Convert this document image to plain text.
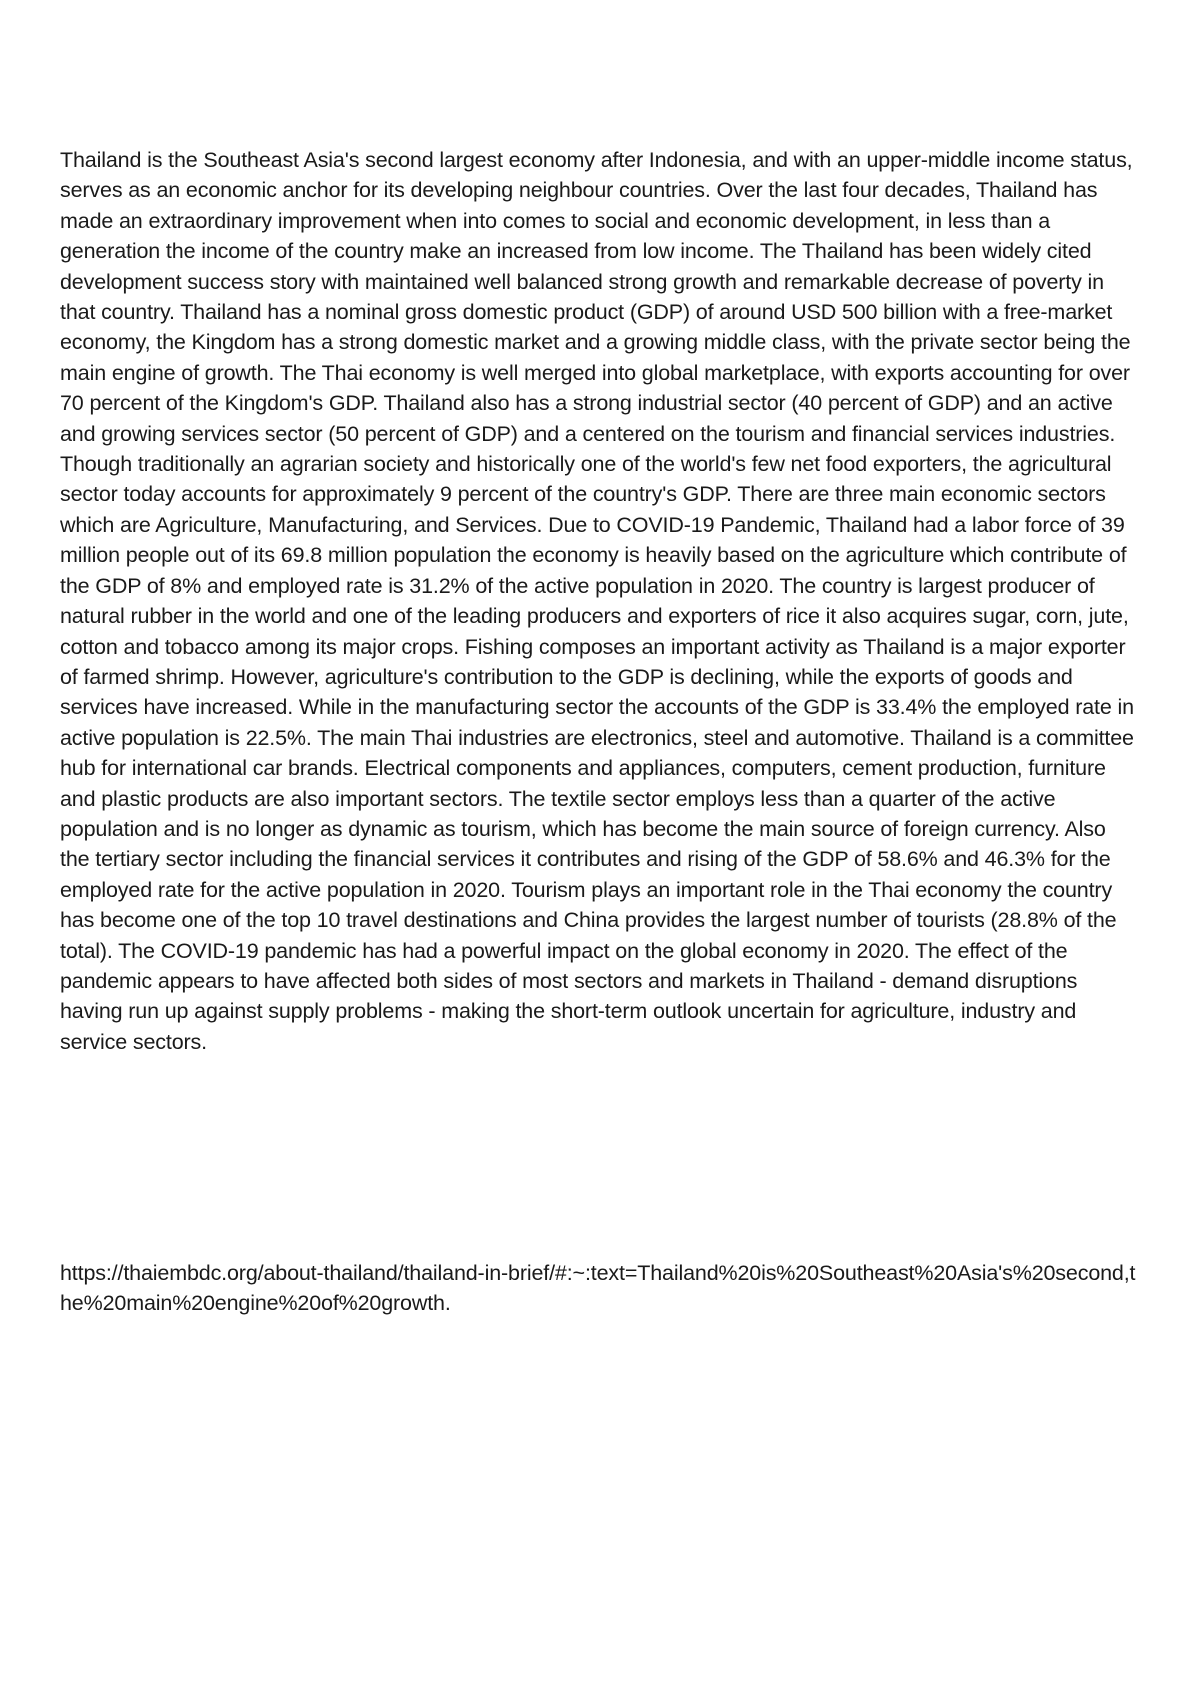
Thailand is the Southeast Asia's second largest economy after Indonesia, and with an upper-middle income status, serves as an economic anchor for its developing neighbour countries. Over the last four decades, Thailand has made an extraordinary improvement when into comes to social and economic development, in less than a generation the income of the country make an increased from low income. The Thailand has been widely cited development success story with maintained well balanced strong growth and remarkable decrease of poverty in that country. Thailand has a nominal gross domestic product (GDP) of around USD 500 billion with a free-market economy, the Kingdom has a strong domestic market and a growing middle class, with the private sector being the main engine of growth. The Thai economy is well merged into global marketplace, with exports accounting for over 70 percent of the Kingdom's GDP. Thailand also has a strong industrial sector (40 percent of GDP) and an active and growing services sector (50 percent of GDP) and a centered on the tourism and financial services industries. Though traditionally an agrarian society and historically one of the world's few net food exporters, the agricultural sector today accounts for approximately 9 percent of the country's GDP. There are three main economic sectors which are Agriculture, Manufacturing, and Services. Due to COVID-19 Pandemic, Thailand had a labor force of 39 million people out of its 69.8 million population the economy is heavily based on the agriculture which contribute of the GDP of 8% and employed rate is 31.2% of the active population in 2020. The country is largest producer of natural rubber in the world and one of the leading producers and exporters of rice it also acquires sugar, corn, jute, cotton and tobacco among its major crops. Fishing composes an important activity as Thailand is a major exporter of farmed shrimp. However, agriculture's contribution to the GDP is declining, while the exports of goods and services have increased. While in the manufacturing sector the accounts of the GDP is 33.4% the employed rate in active population is 22.5%. The main Thai industries are electronics, steel and automotive. Thailand is a committee hub for international car brands. Electrical components and appliances, computers, cement production, furniture and plastic products are also important sectors. The textile sector employs less than a quarter of the active population and is no longer as dynamic as tourism, which has become the main source of foreign currency. Also the tertiary sector including the financial services it contributes and rising of the GDP of 58.6% and 46.3% for the employed rate for the active population in 2020. Tourism plays an important role in the Thai economy the country has become one of the top 10 travel destinations and China provides the largest number of tourists (28.8% of the total). The COVID-19 pandemic has had a powerful impact on the global economy in 2020. The effect of the pandemic appears to have affected both sides of most sectors and markets in Thailand - demand disruptions having run up against supply problems - making the short-term outlook uncertain for agriculture, industry and service sectors.

https://thaiembdc.org/about-thailand/thailand-in-brief/#:~:text=Thailand%20is%20Southeast%20Asia's%20second,the%20main%20engine%20of%20growth.
